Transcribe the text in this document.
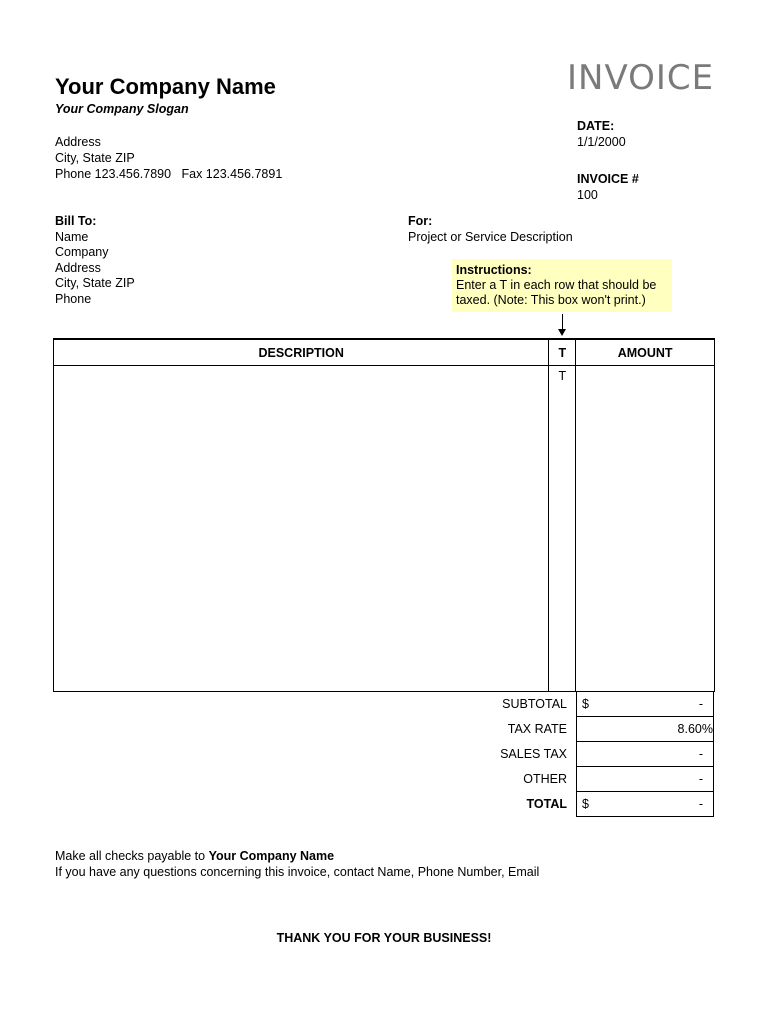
Your Company Name
Your Company Slogan
Address
City, State ZIP
Phone 123.456.7890   Fax 123.456.7891
INVOICE
DATE:
1/1/2000
INVOICE #
100
Bill To:
Name
Company
Address
City, State ZIP
Phone
For:
Project or Service Description
Instructions:
Enter a T in each row that should be
taxed. (Note: This box won't print.)
DESCRIPTION	T	AMOUNT

	T	

SUBTOTAL $	-
TAX RATE	8.60%
SALES TAX	-
OTHER	-
TOTAL $	-
Make all checks payable to Your Company Name
If you have any questions concerning this invoice, contact Name, Phone Number, Email
THANK YOU FOR YOUR BUSINESS!
